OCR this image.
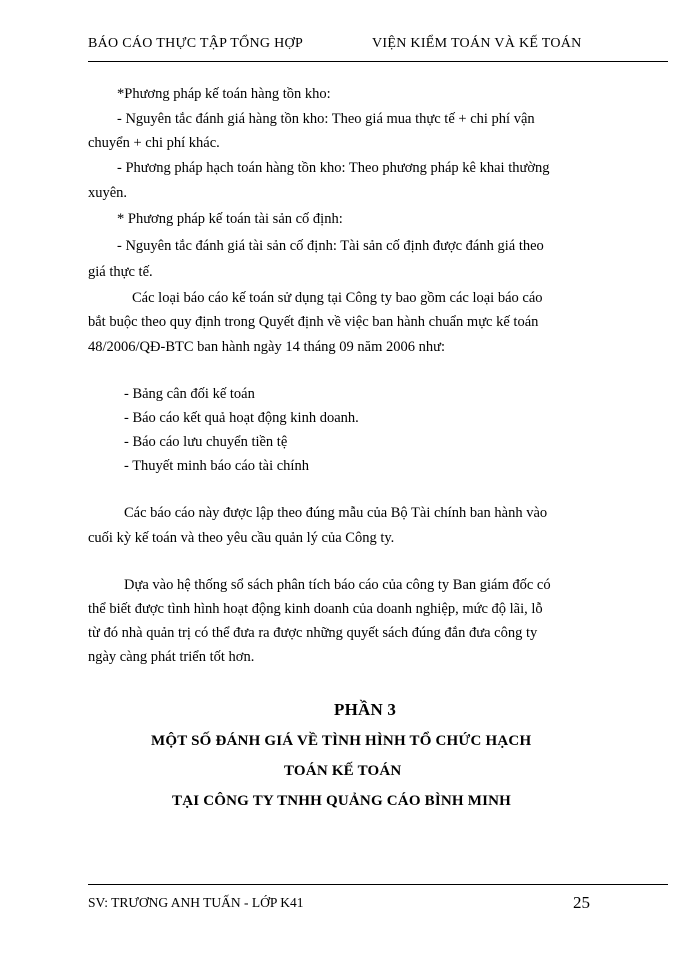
BÁO CÁO THỰC TẬP TỔNG HỢP	VIỆN KIỂM TOÁN VÀ KẾ TOÁN
*Phương pháp kế toán hàng tồn kho:
- Nguyên tắc đánh giá hàng tồn kho: Theo giá mua thực tế + chi phí vận
chuyển + chi phí khác.
- Phương pháp hạch toán hàng tồn kho: Theo phương pháp kê khai thường
xuyên.
* Phương pháp kế toán tài sản cố định:
- Nguyên tắc đánh giá tài sản cố định: Tài sản cố định được đánh giá theo
giá thực tế.
Các loại báo cáo kế toán sử dụng tại Công ty bao gồm các loại báo cáo
bắt buộc theo quy định trong Quyết định về việc ban hành chuẩn mực kế toán
48/2006/QĐ-BTC ban hành ngày 14 tháng 09 năm 2006 như:
- Bảng cân đối kế toán
- Báo cáo kết quả hoạt động kinh doanh.
- Báo cáo lưu chuyển tiền tệ
- Thuyết minh báo cáo tài chính
Các báo cáo này được lập theo đúng mẫu của Bộ Tài chính ban hành vào
cuối kỳ kế toán và theo yêu cầu quản lý của Công ty.
Dựa vào hệ thống sổ sách phân tích báo cáo của công ty Ban giám đốc có
thể biết được tình hình hoạt động kinh doanh của doanh nghiệp, mức độ lãi, lỗ
từ đó nhà quản trị có thể đưa ra được những quyết sách đúng đắn đưa công ty
ngày càng phát triển tốt hơn.
PHẦN 3
MỘT SỐ ĐÁNH GIÁ VỀ TÌNH HÌNH TỔ CHỨC HẠCH
TOÁN KẾ TOÁN
TẠI CÔNG TY TNHH QUẢNG CÁO BÌNH MINH
SV: TRƯƠNG ANH TUẤN - LỚP K41	25
